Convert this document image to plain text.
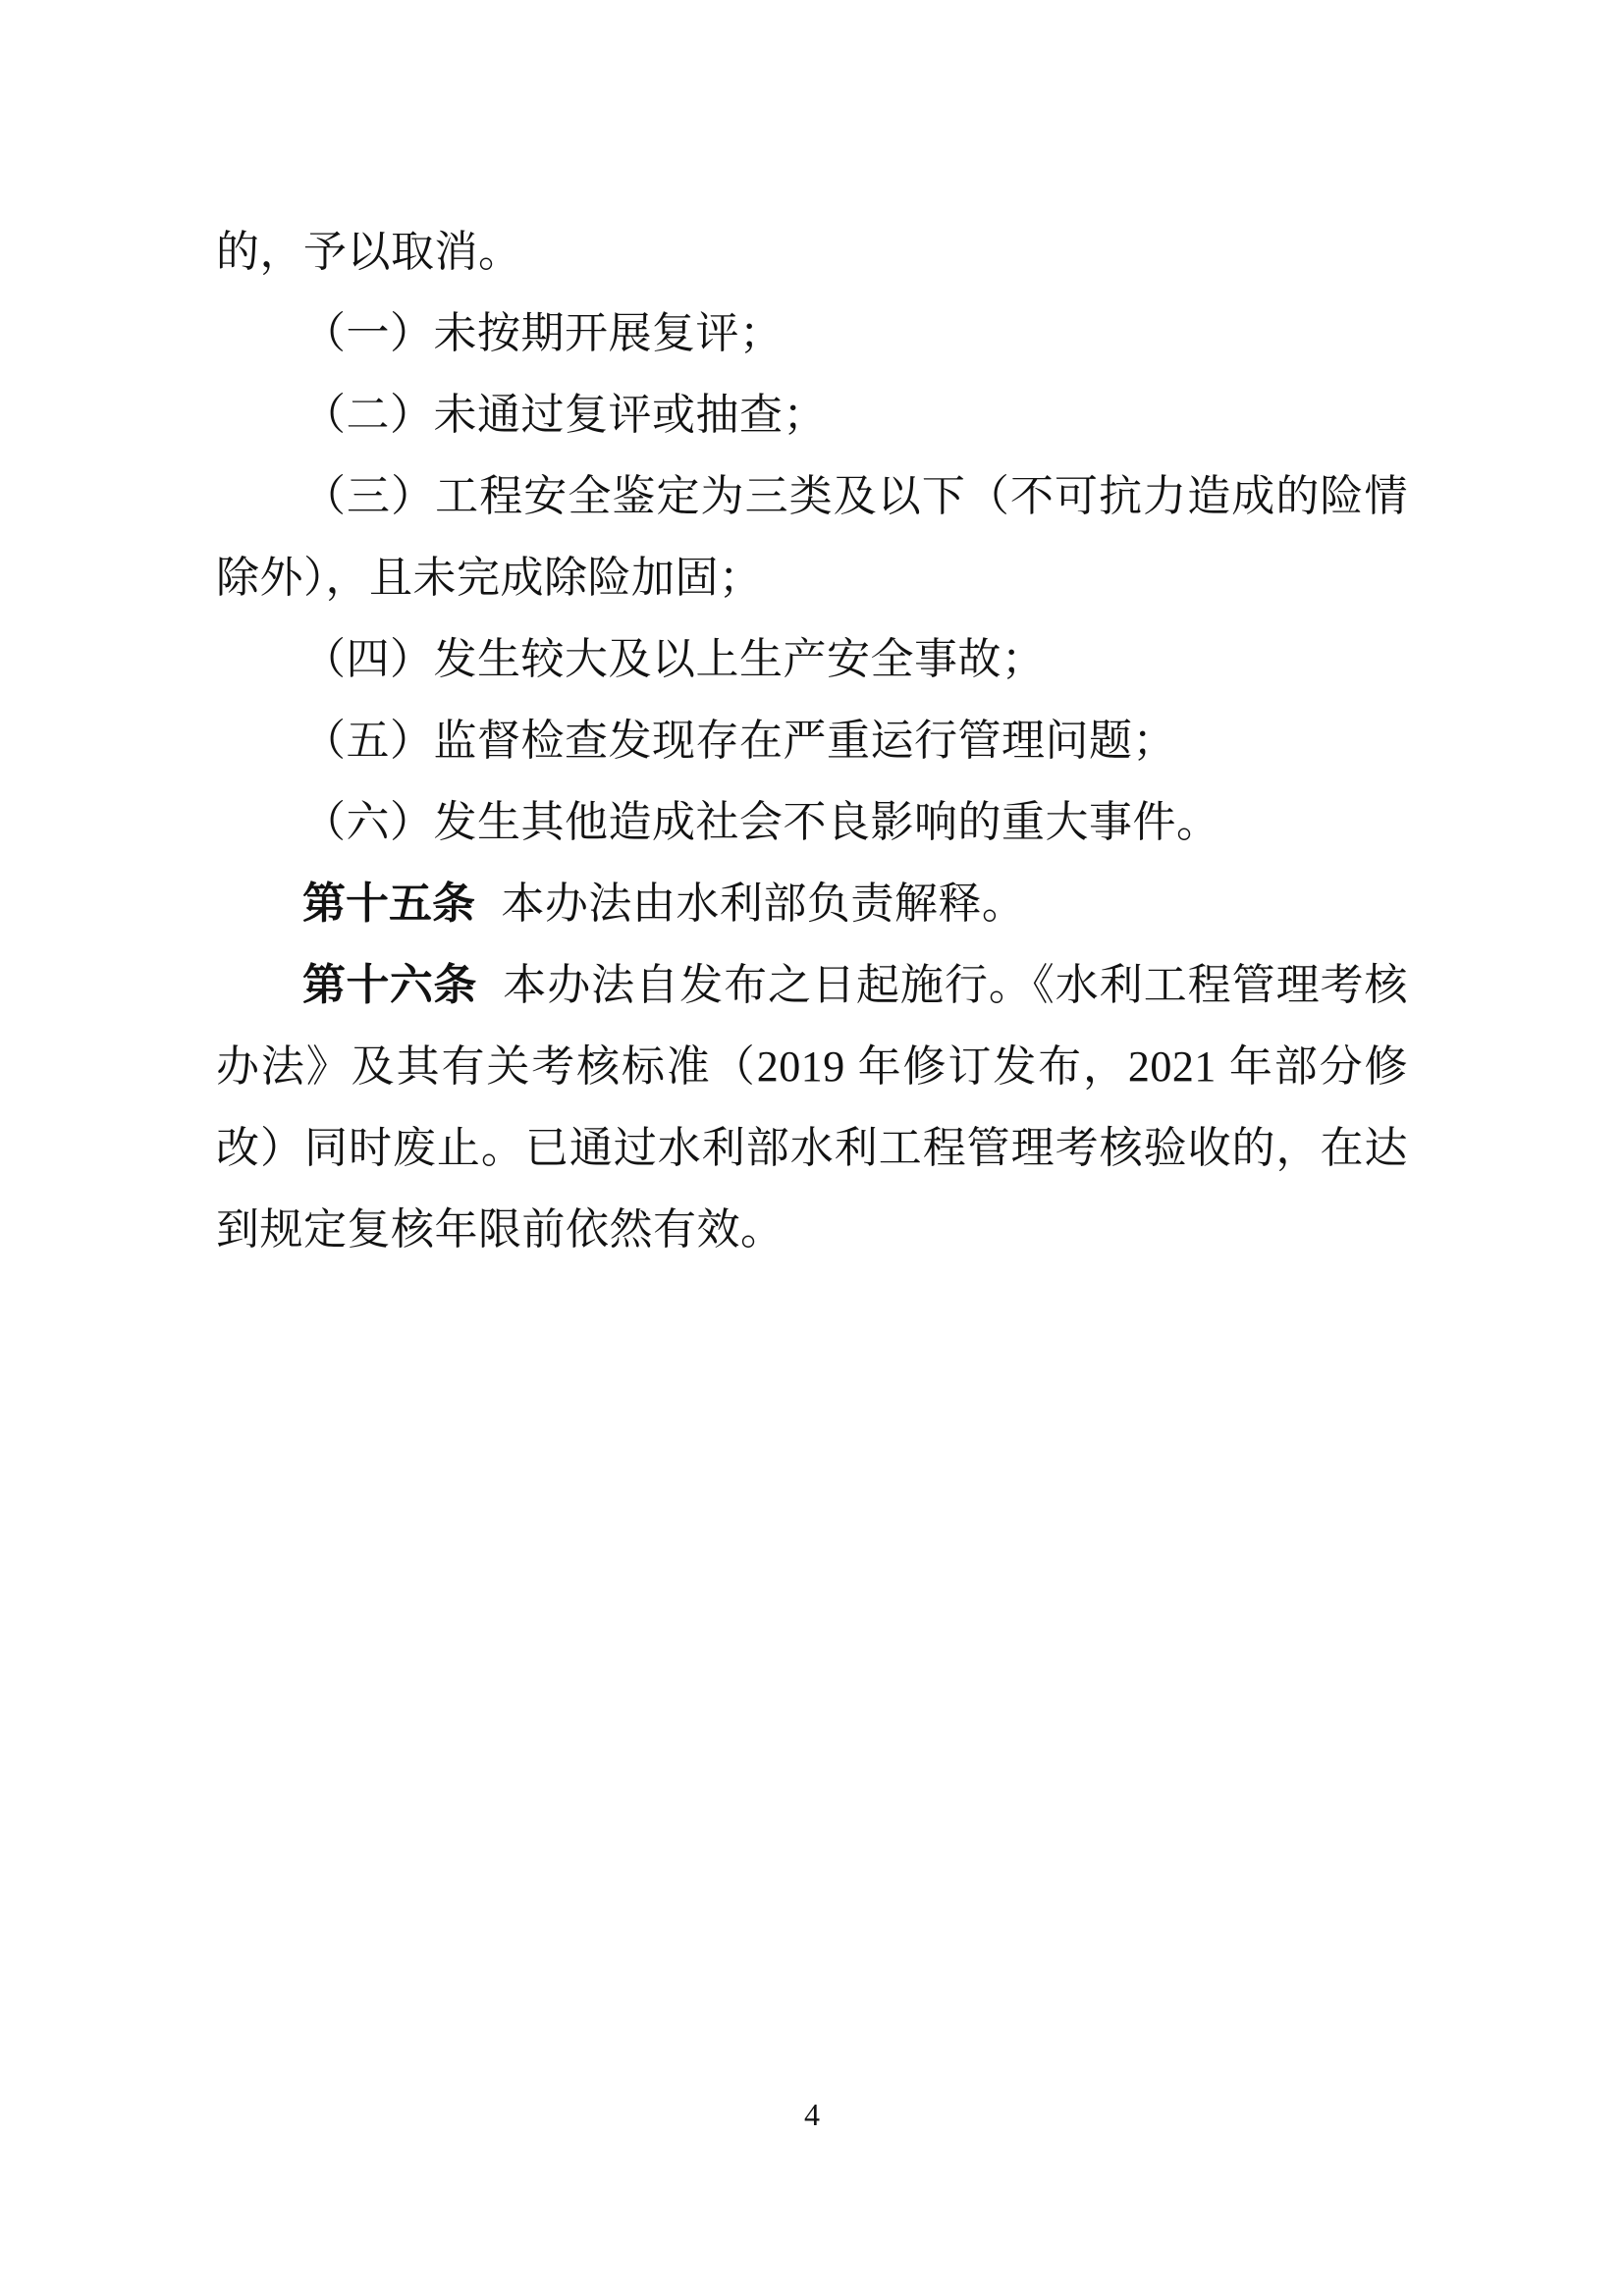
的，予以取消。

（一）未按期开展复评；

（二）未通过复评或抽查；

（三）工程安全鉴定为三类及以下（不可抗力造成的险情除外），且未完成除险加固；

（四）发生较大及以上生产安全事故；

（五）监督检查发现存在严重运行管理问题；

（六）发生其他造成社会不良影响的重大事件。

第十五条 本办法由水利部负责解释。

第十六条 本办法自发布之日起施行。《水利工程管理考核办法》及其有关考核标准（2019 年修订发布，2021 年部分修改）同时废止。已通过水利部水利工程管理考核验收的，在达到规定复核年限前依然有效。

4
